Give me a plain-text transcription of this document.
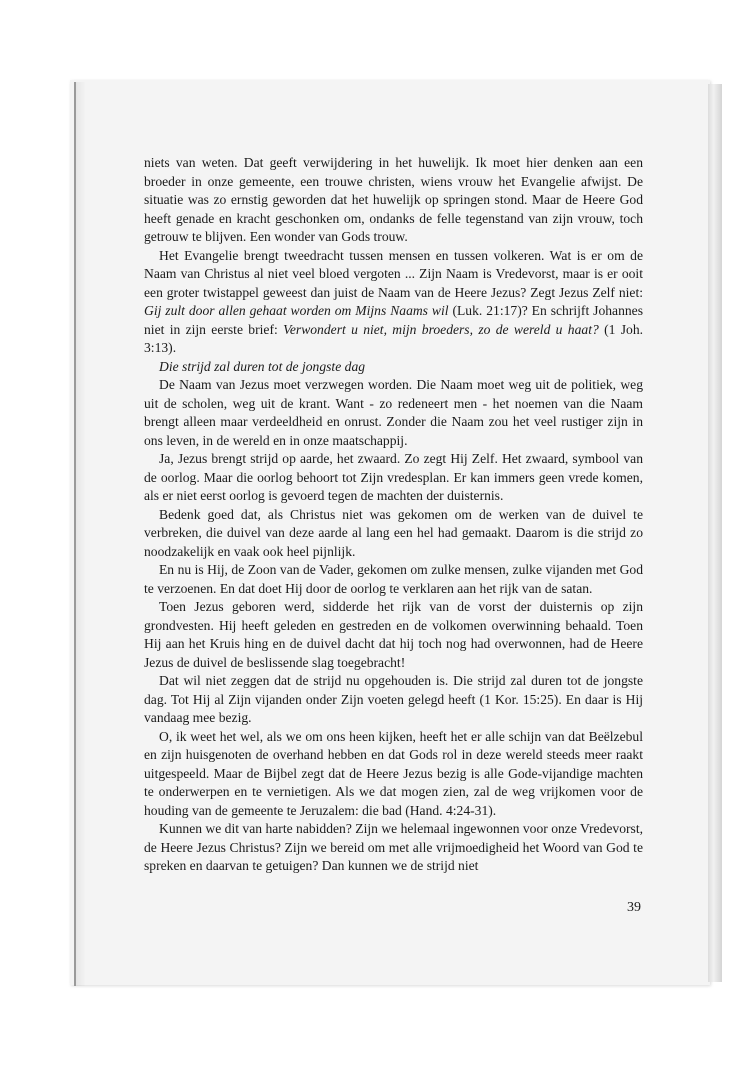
niets van weten. Dat geeft verwijdering in het huwelijk. Ik moet hier denken aan een broeder in onze gemeente, een trouwe christen, wiens vrouw het Evangelie afwijst. De situatie was zo ernstig geworden dat het huwelijk op springen stond. Maar de Heere God heeft genade en kracht geschonken om, ondanks de felle tegenstand van zijn vrouw, toch getrouw te blijven. Een wonder van Gods trouw.

Het Evangelie brengt tweedracht tussen mensen en tussen volkeren. Wat is er om de Naam van Christus al niet veel bloed vergoten ... Zijn Naam is Vredevorst, maar is er ooit een groter twistappel geweest dan juist de Naam van de Heere Jezus? Zegt Jezus Zelf niet: Gij zult door allen gehaat worden om Mijns Naams wil (Luk. 21:17)? En schrijft Johannes niet in zijn eerste brief: Verwondert u niet, mijn broeders, zo de wereld u haat? (1 Joh. 3:13).

Die strijd zal duren tot de jongste dag

De Naam van Jezus moet verzwegen worden. Die Naam moet weg uit de politiek, weg uit de scholen, weg uit de krant. Want - zo redeneert men - het noemen van die Naam brengt alleen maar verdeeldheid en onrust. Zonder die Naam zou het veel rustiger zijn in ons leven, in de wereld en in onze maatschappij.

Ja, Jezus brengt strijd op aarde, het zwaard. Zo zegt Hij Zelf. Het zwaard, symbool van de oorlog. Maar die oorlog behoort tot Zijn vredesplan. Er kan immers geen vrede komen, als er niet eerst oorlog is gevoerd tegen de machten der duisternis.

Bedenk goed dat, als Christus niet was gekomen om de werken van de duivel te verbreken, die duivel van deze aarde al lang een hel had gemaakt. Daarom is die strijd zo noodzakelijk en vaak ook heel pijnlijk.

En nu is Hij, de Zoon van de Vader, gekomen om zulke mensen, zulke vijanden met God te verzoenen. En dat doet Hij door de oorlog te verklaren aan het rijk van de satan.

Toen Jezus geboren werd, sidderde het rijk van de vorst der duisternis op zijn grondvesten. Hij heeft geleden en gestreden en de volkomen overwinning behaald. Toen Hij aan het Kruis hing en de duivel dacht dat hij toch nog had overwonnen, had de Heere Jezus de duivel de beslissende slag toegebracht!

Dat wil niet zeggen dat de strijd nu opgehouden is. Die strijd zal duren tot de jongste dag. Tot Hij al Zijn vijanden onder Zijn voeten gelegd heeft (1 Kor. 15:25). En daar is Hij vandaag mee bezig.

O, ik weet het wel, als we om ons heen kijken, heeft het er alle schijn van dat Beëlzebul en zijn huisgenoten de overhand hebben en dat Gods rol in deze wereld steeds meer raakt uitgespeeld. Maar de Bijbel zegt dat de Heere Jezus bezig is alle Gode-vijandige machten te onderwerpen en te vernietigen. Als we dat mogen zien, zal de weg vrijkomen voor de houding van de gemeente te Jeruzalem: die bad (Hand. 4:24-31).

Kunnen we dit van harte nabidden? Zijn we helemaal ingewonnen voor onze Vredevorst, de Heere Jezus Christus? Zijn we bereid om met alle vrijmoedigheid het Woord van God te spreken en daarvan te getuigen? Dan kunnen we de strijd niet

39
